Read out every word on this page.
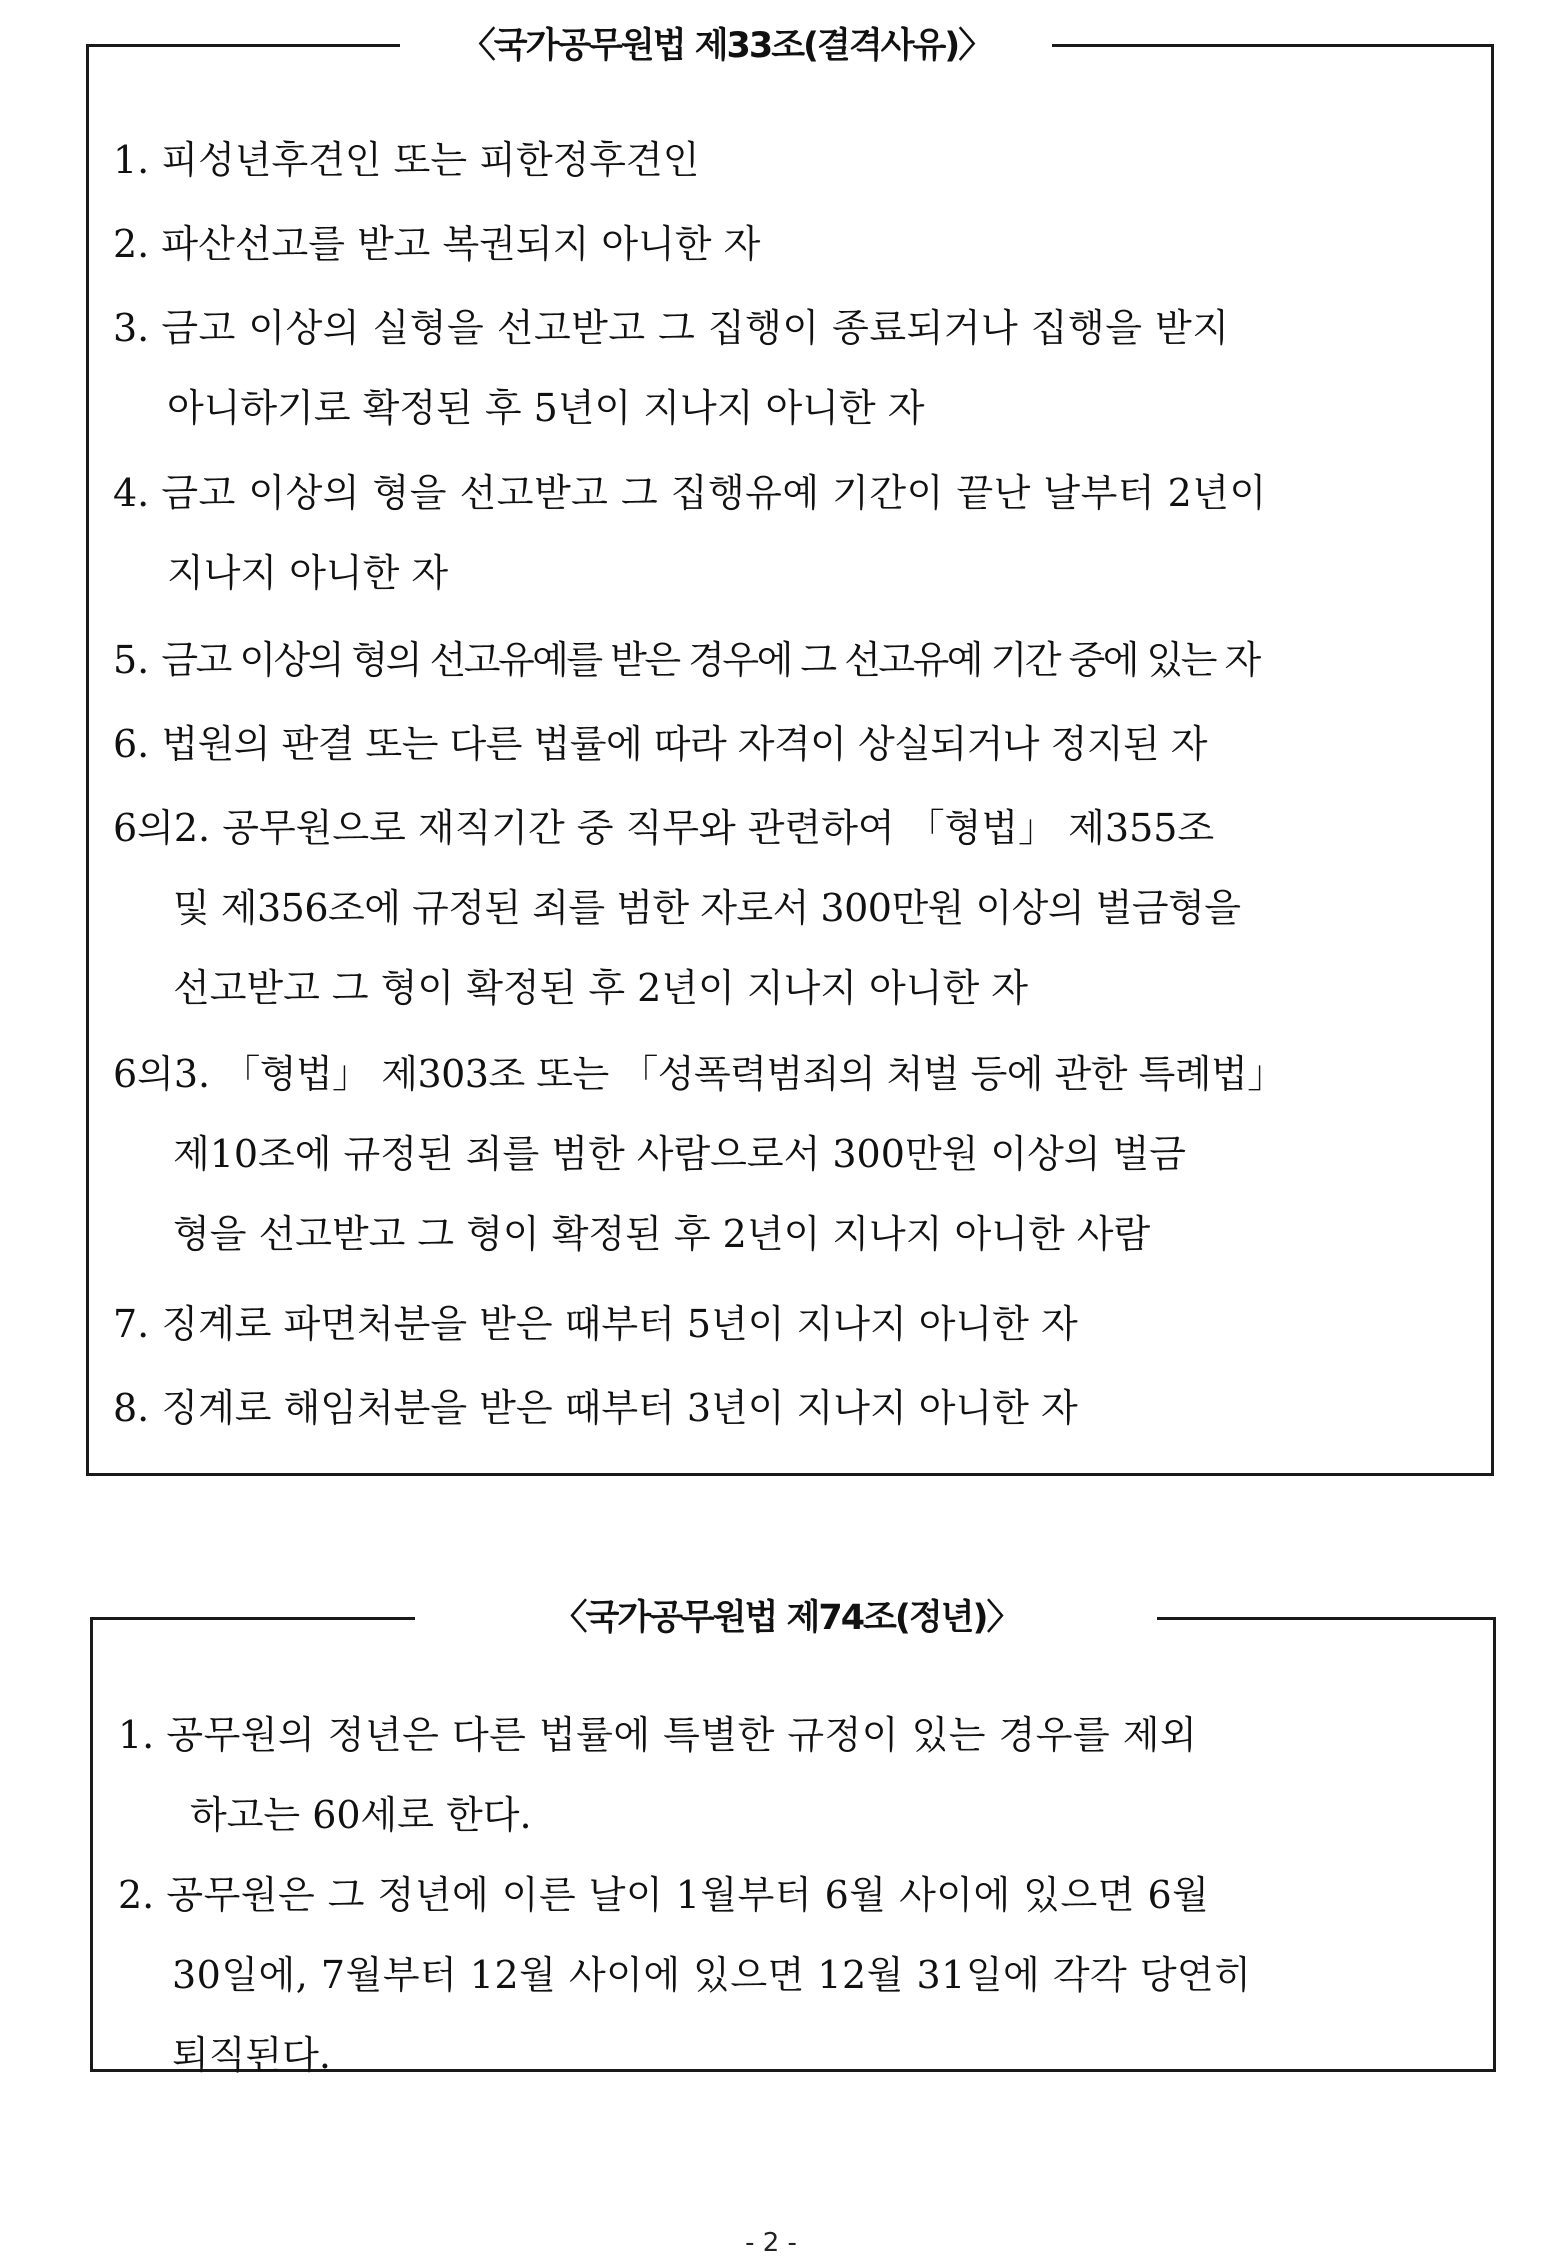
〈국가공무원법 제33조(결격사유)〉
1. 피성년후견인 또는 피한정후견인
2. 파산선고를 받고 복권되지 아니한 자
3. 금고 이상의 실형을 선고받고 그 집행이 종료되거나 집행을 받지
아니하기로 확정된 후 5년이 지나지 아니한 자
4. 금고 이상의 형을 선고받고 그 집행유예 기간이 끝난 날부터 2년이
지나지 아니한 자
5. 금고 이상의 형의 선고유예를 받은 경우에 그 선고유예 기간 중에 있는 자
6. 법원의 판결 또는 다른 법률에 따라 자격이 상실되거나 정지된 자
6의2. 공무원으로 재직기간 중 직무와 관련하여 「형법」 제355조
및 제356조에 규정된 죄를 범한 자로서 300만원 이상의 벌금형을
선고받고 그 형이 확정된 후 2년이 지나지 아니한 자
6의3. 「형법」 제303조 또는 「성폭력범죄의 처벌 등에 관한 특례법」
제10조에 규정된 죄를 범한 사람으로서 300만원 이상의 벌금
형을 선고받고 그 형이 확정된 후 2년이 지나지 아니한 사람
7. 징계로 파면처분을 받은 때부터 5년이 지나지 아니한 자
8. 징계로 해임처분을 받은 때부터 3년이 지나지 아니한 자
〈국가공무원법 제74조(정년)〉
1. 공무원의 정년은 다른 법률에 특별한 규정이 있는 경우를 제외
하고는 60세로 한다.
2. 공무원은 그 정년에 이른 날이 1월부터 6월 사이에 있으면 6월
30일에, 7월부터 12월 사이에 있으면 12월 31일에 각각 당연히
퇴직된다.
- 2 -
